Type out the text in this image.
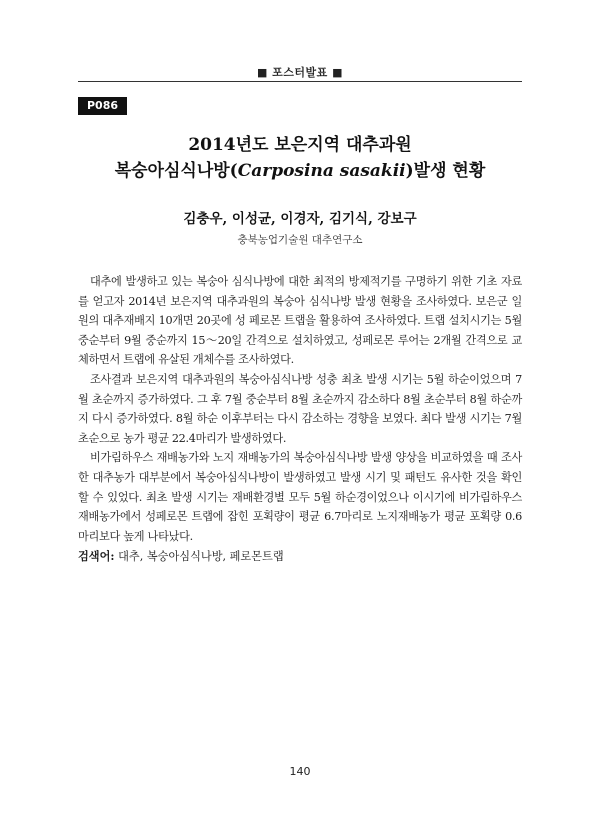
■ 포스터발표 ■
P086
2014년도 보은지역 대추과원
복숭아심식나방(Carposina sasakii)발생 현황
김충우, 이성균, 이경자, 김기식, 강보구
충북농업기술원 대추연구소

대추에 발생하고 있는 복숭아 심식나방에 대한 최적의 방제적기를 구명하기 위한 기초 자료를 얻고자 2014년 보은지역 대추과원의 복숭아 심식나방 발생 현황을 조사하였다. 보은군 일원의 대추재배지 10개면 20곳에 성 페로몬 트랩을 활용하여 조사하였다. 트랩 설치시기는 5월 중순부터 9월 중순까지 15～20일 간격으로 설치하였고, 성페로몬 루어는 2개월 간격으로 교체하면서 트랩에 유살된 개체수를 조사하였다.

조사결과 보은지역 대추과원의 복숭아심식나방 성충 최초 발생 시기는 5월 하순이었으며 7월 초순까지 증가하였다. 그 후 7월 중순부터 8월 초순까지 감소하다 8월 초순부터 8월 하순까지 다시 증가하였다. 8월 하순 이후부터는 다시 감소하는 경향을 보였다. 최다 발생 시기는 7월 초순으로 농가 평균 22.4마리가 발생하였다.

비가림하우스 재배농가와 노지 재배농가의 복숭아심식나방 발생 양상을 비교하였을 때 조사한 대추농가 대부분에서 복숭아심식나방이 발생하였고 발생 시기 및 패턴도 유사한 것을 확인할 수 있었다. 최초 발생 시기는 재배환경별 모두 5월 하순경이었으나 이시기에 비가림하우스 재배농가에서 성페로몬 트랩에 잡힌 포획량이 평균 6.7마리로 노지재배농가 평균 포획량 0.6마리보다 높게 나타났다.

검색어: 대추, 복숭아심식나방, 페로몬트랩
140
